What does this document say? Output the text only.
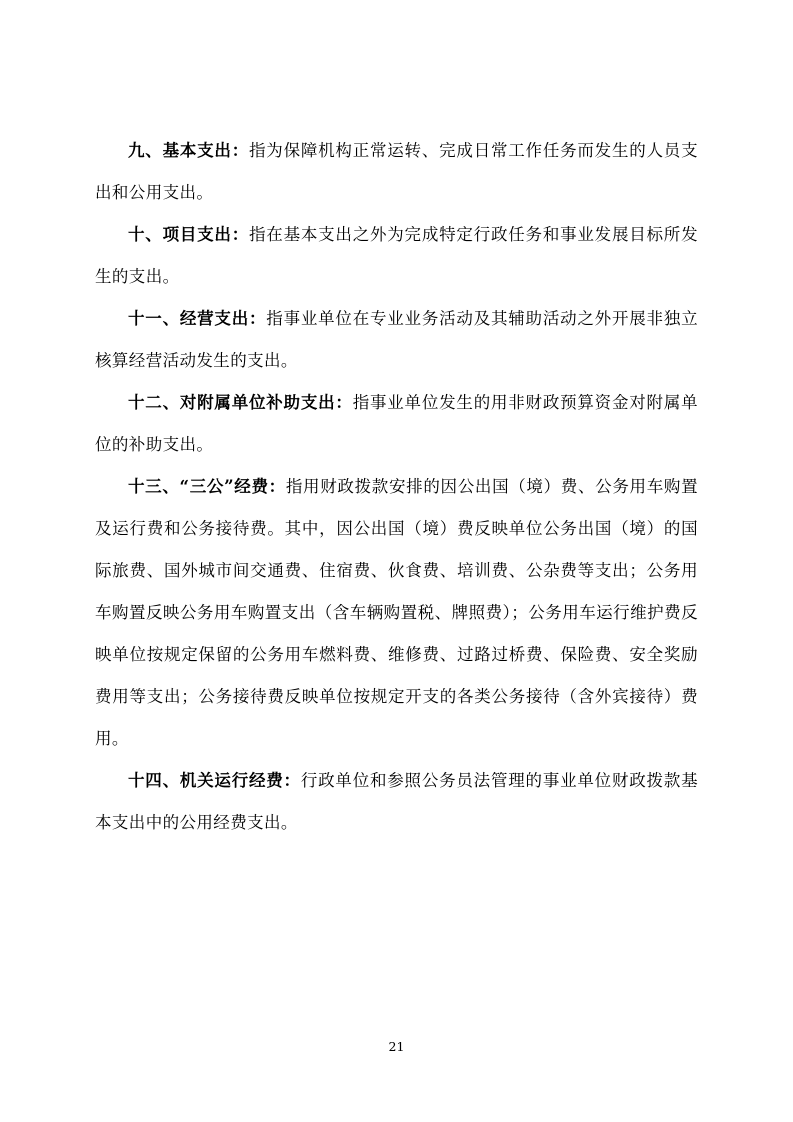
九、基本支出：指为保障机构正常运转、完成日常工作任务而发生的人员支出和公用支出。

十、项目支出：指在基本支出之外为完成特定行政任务和事业发展目标所发生的支出。

十一、经营支出：指事业单位在专业业务活动及其辅助活动之外开展非独立核算经营活动发生的支出。

十二、对附属单位补助支出：指事业单位发生的用非财政预算资金对附属单位的补助支出。

十三、“三公”经费：指用财政拨款安排的因公出国（境）费、公务用车购置及运行费和公务接待费。其中，因公出国（境）费反映单位公务出国（境）的国际旅费、国外城市间交通费、住宿费、伙食费、培训费、公杂费等支出；公务用车购置反映公务用车购置支出（含车辆购置税、牌照费）；公务用车运行维护费反映单位按规定保留的公务用车燃料费、维修费、过路过桥费、保险费、安全奖励费用等支出；公务接待费反映单位按规定开支的各类公务接待（含外宾接待）费用。

十四、机关运行经费：行政单位和参照公务员法管理的事业单位财政拨款基本支出中的公用经费支出。

21
